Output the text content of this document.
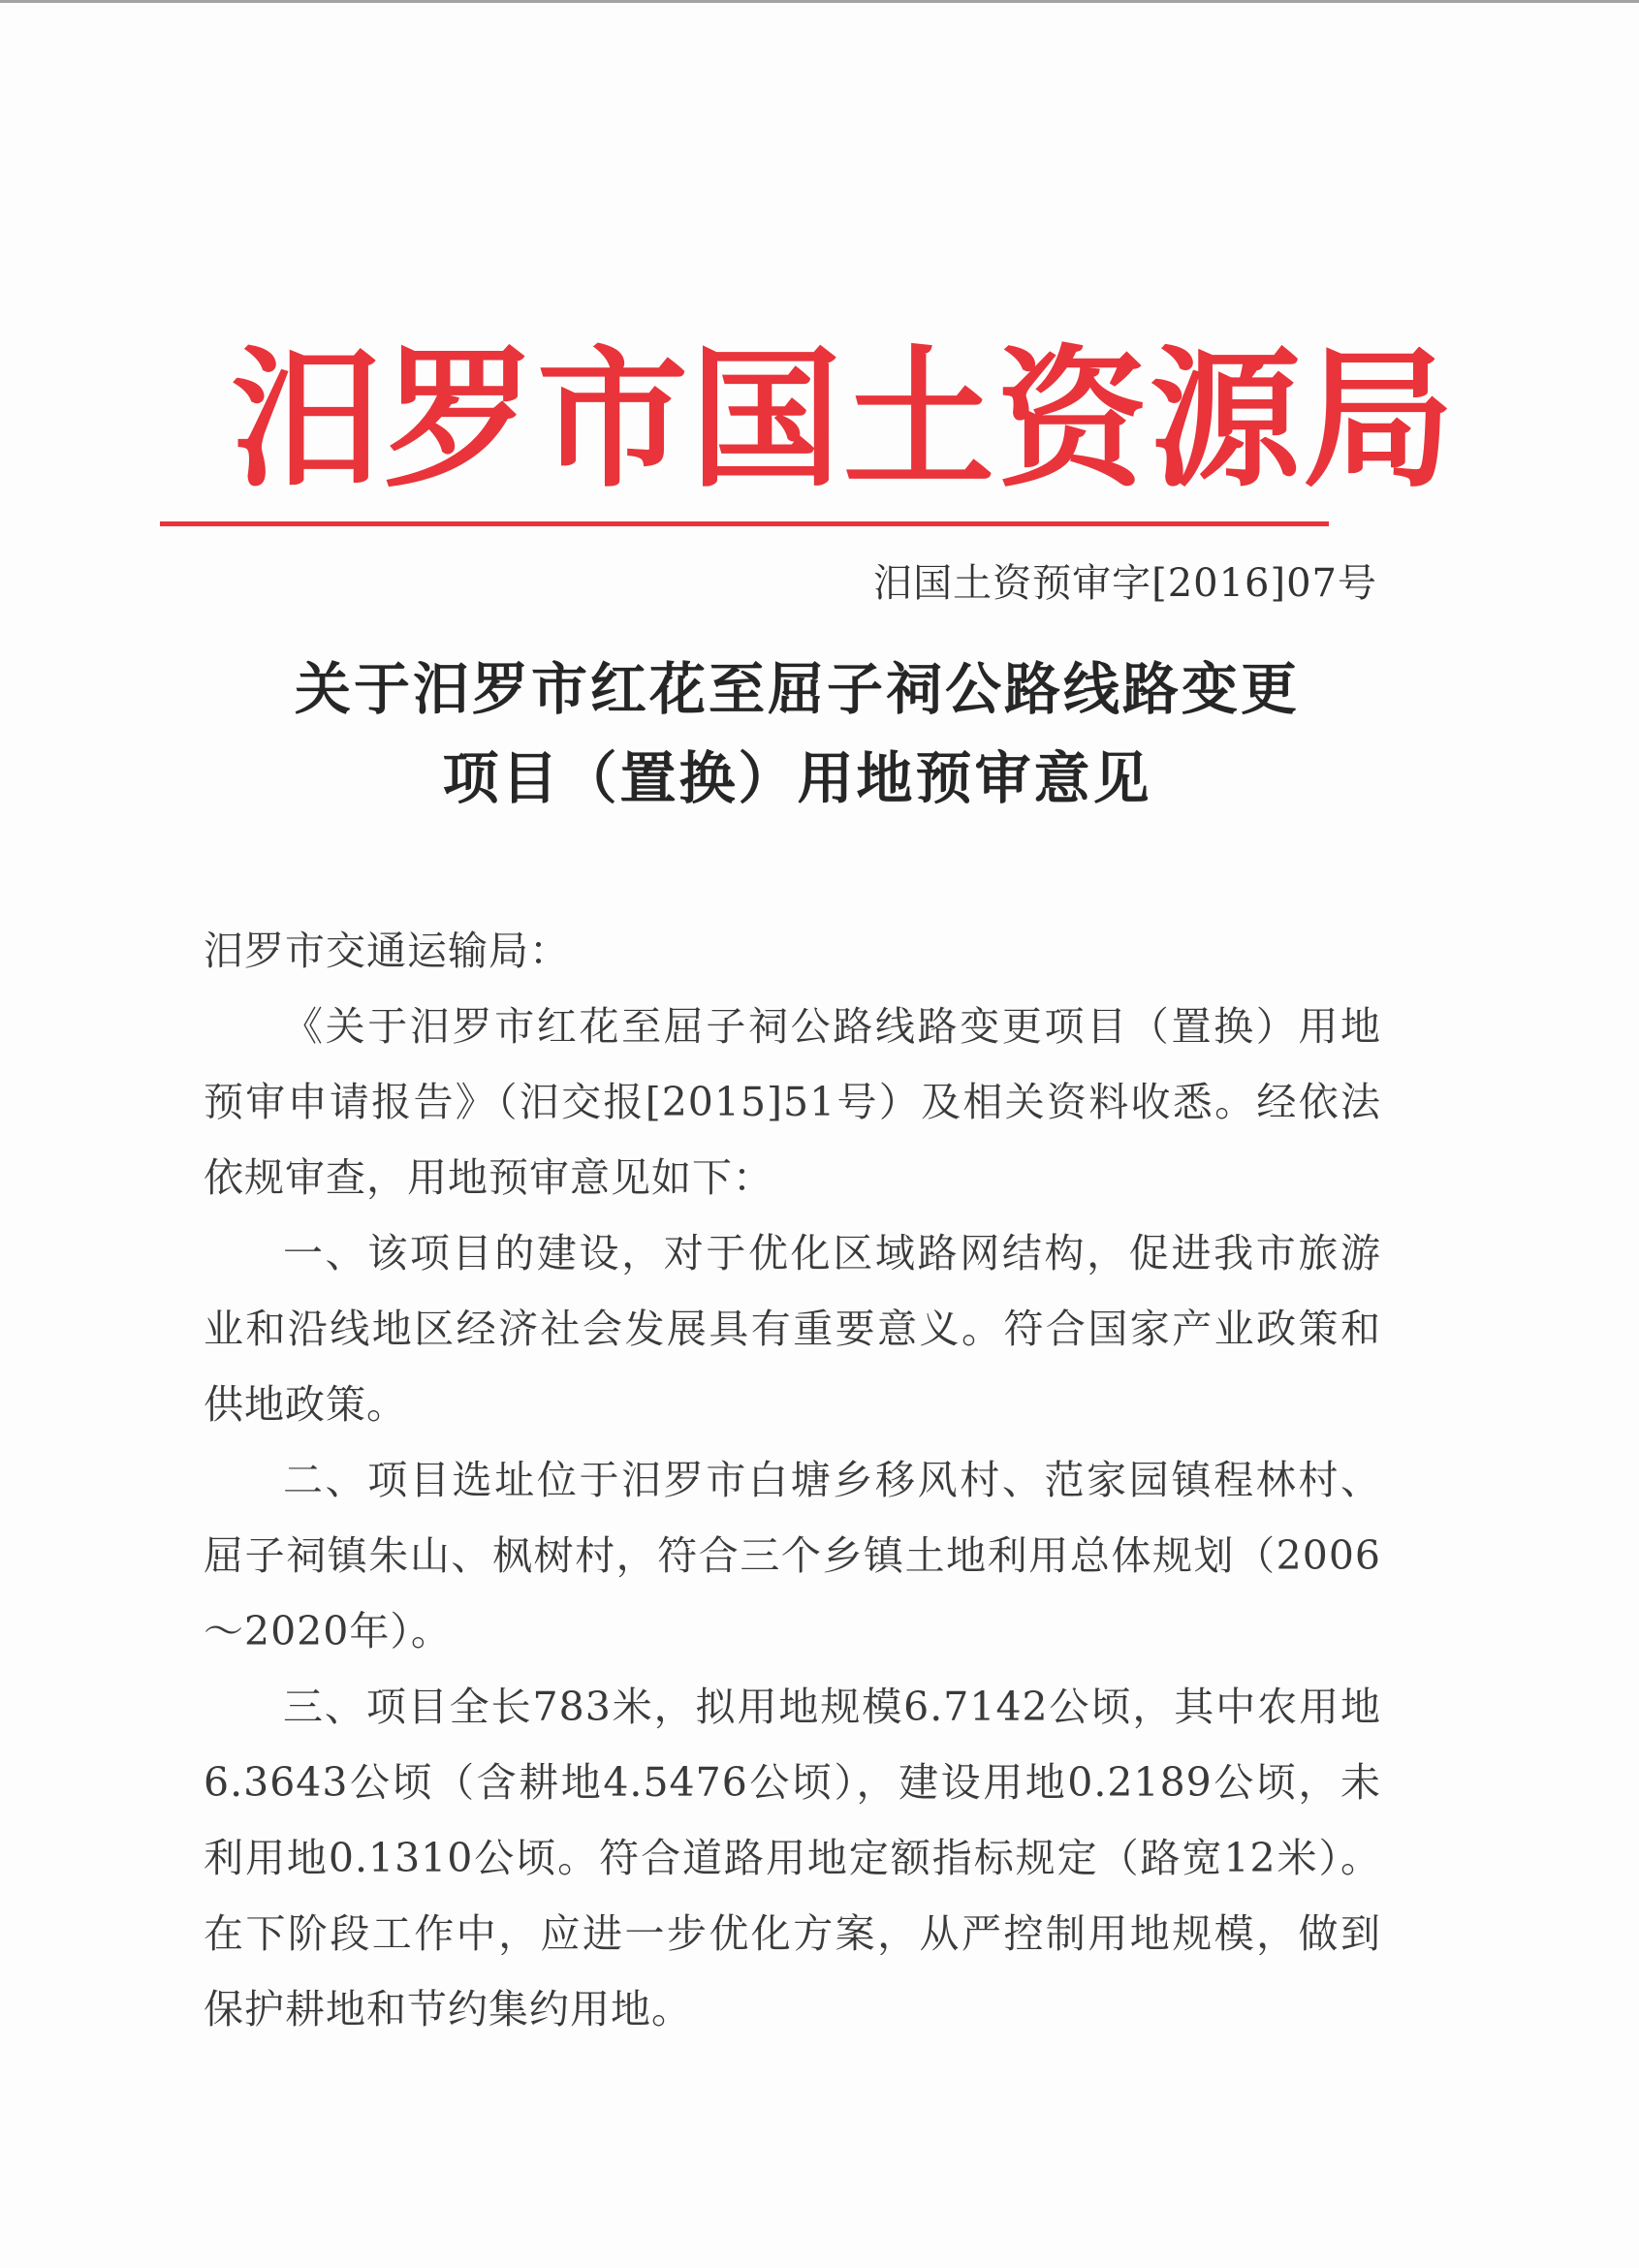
汨罗市国土资源局
汨国土资预审字[2016]07号
关于汨罗市红花至屈子祠公路线路变更
项目（置换）用地预审意见
汨罗市交通运输局：

《关于汨罗市红花至屈子祠公路线路变更项目（置换）用地预审申请报告》（汨交报[2015]51号）及相关资料收悉。经依法依规审查，用地预审意见如下：

一、该项目的建设，对于优化区域路网结构，促进我市旅游业和沿线地区经济社会发展具有重要意义。符合国家产业政策和供地政策。

二、项目选址位于汨罗市白塘乡移风村、范家园镇程林村、屈子祠镇朱山、枫树村，符合三个乡镇土地利用总体规划（2006～2020年）。

三、项目全长783米，拟用地规模6.7142公顷，其中农用地6.3643公顷（含耕地4.5476公顷），建设用地0.2189公顷，未利用地0.1310公顷。符合道路用地定额指标规定（路宽12米）。在下阶段工作中，应进一步优化方案，从严控制用地规模，做到保护耕地和节约集约用地。
